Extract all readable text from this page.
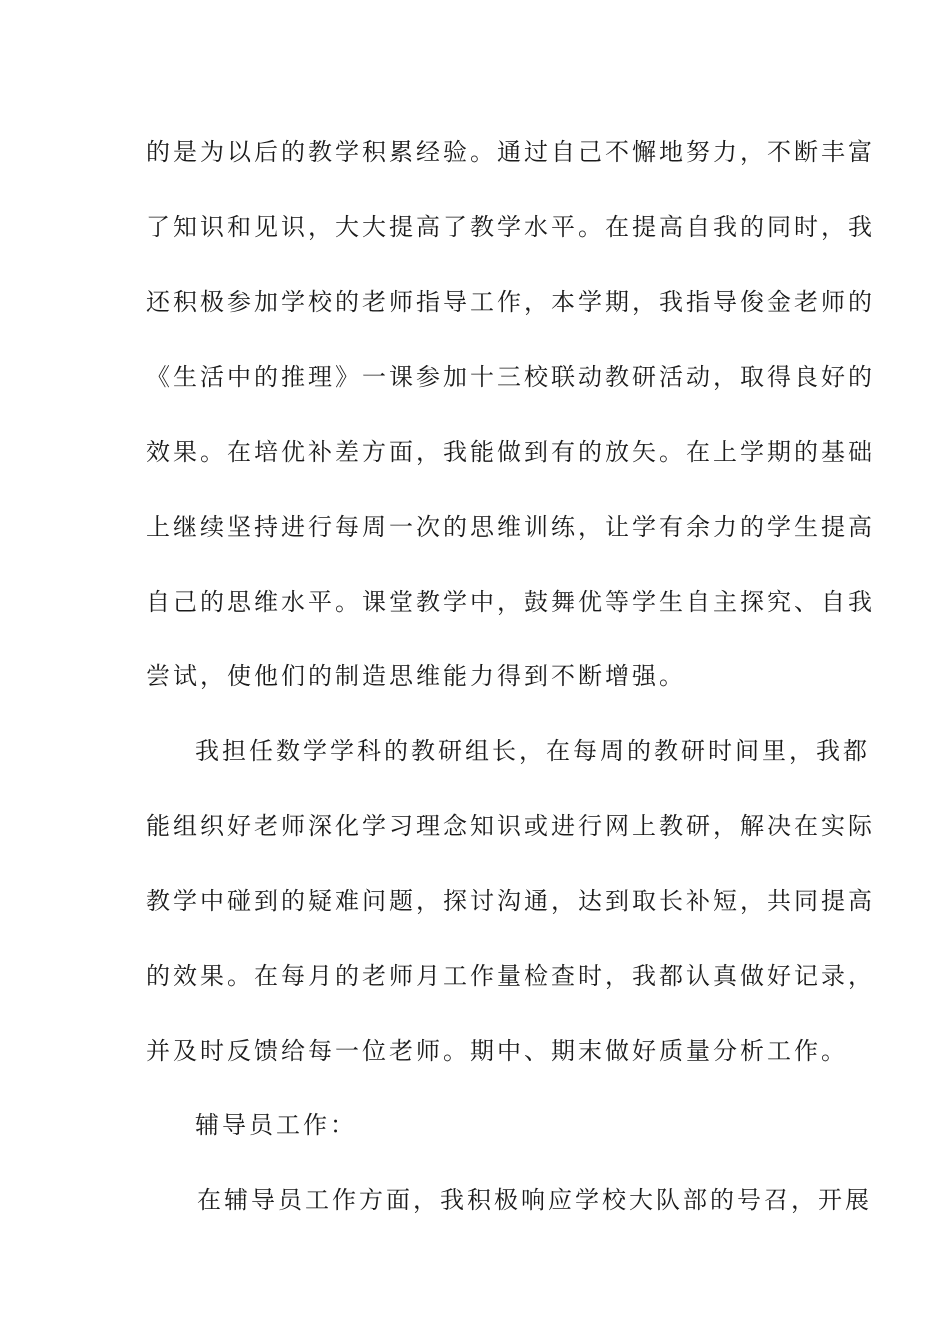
的是为以后的教学积累经验。通过自己不懈地努力，不断丰富
了知识和见识，大大提高了教学水平。在提高自我的同时，我
还积极参加学校的老师指导工作，本学期，我指导俊金老师的
《生活中的推理》一课参加十三校联动教研活动，取得良好的
效果。在培优补差方面，我能做到有的放矢。在上学期的基础
上继续坚持进行每周一次的思维训练，让学有余力的学生提高
自己的思维水平。课堂教学中，鼓舞优等学生自主探究、自我
尝试，使他们的制造思维能力得到不断增强。
我担任数学学科的教研组长，在每周的教研时间里，我都
能组织好老师深化学习理念知识或进行网上教研，解决在实际
教学中碰到的疑难问题，探讨沟通，达到取长补短，共同提高
的效果。在每月的老师月工作量检查时，我都认真做好记录，
并及时反馈给每一位老师。期中、期末做好质量分析工作。
辅导员工作：
在辅导员工作方面，我积极响应学校大队部的号召，开展
